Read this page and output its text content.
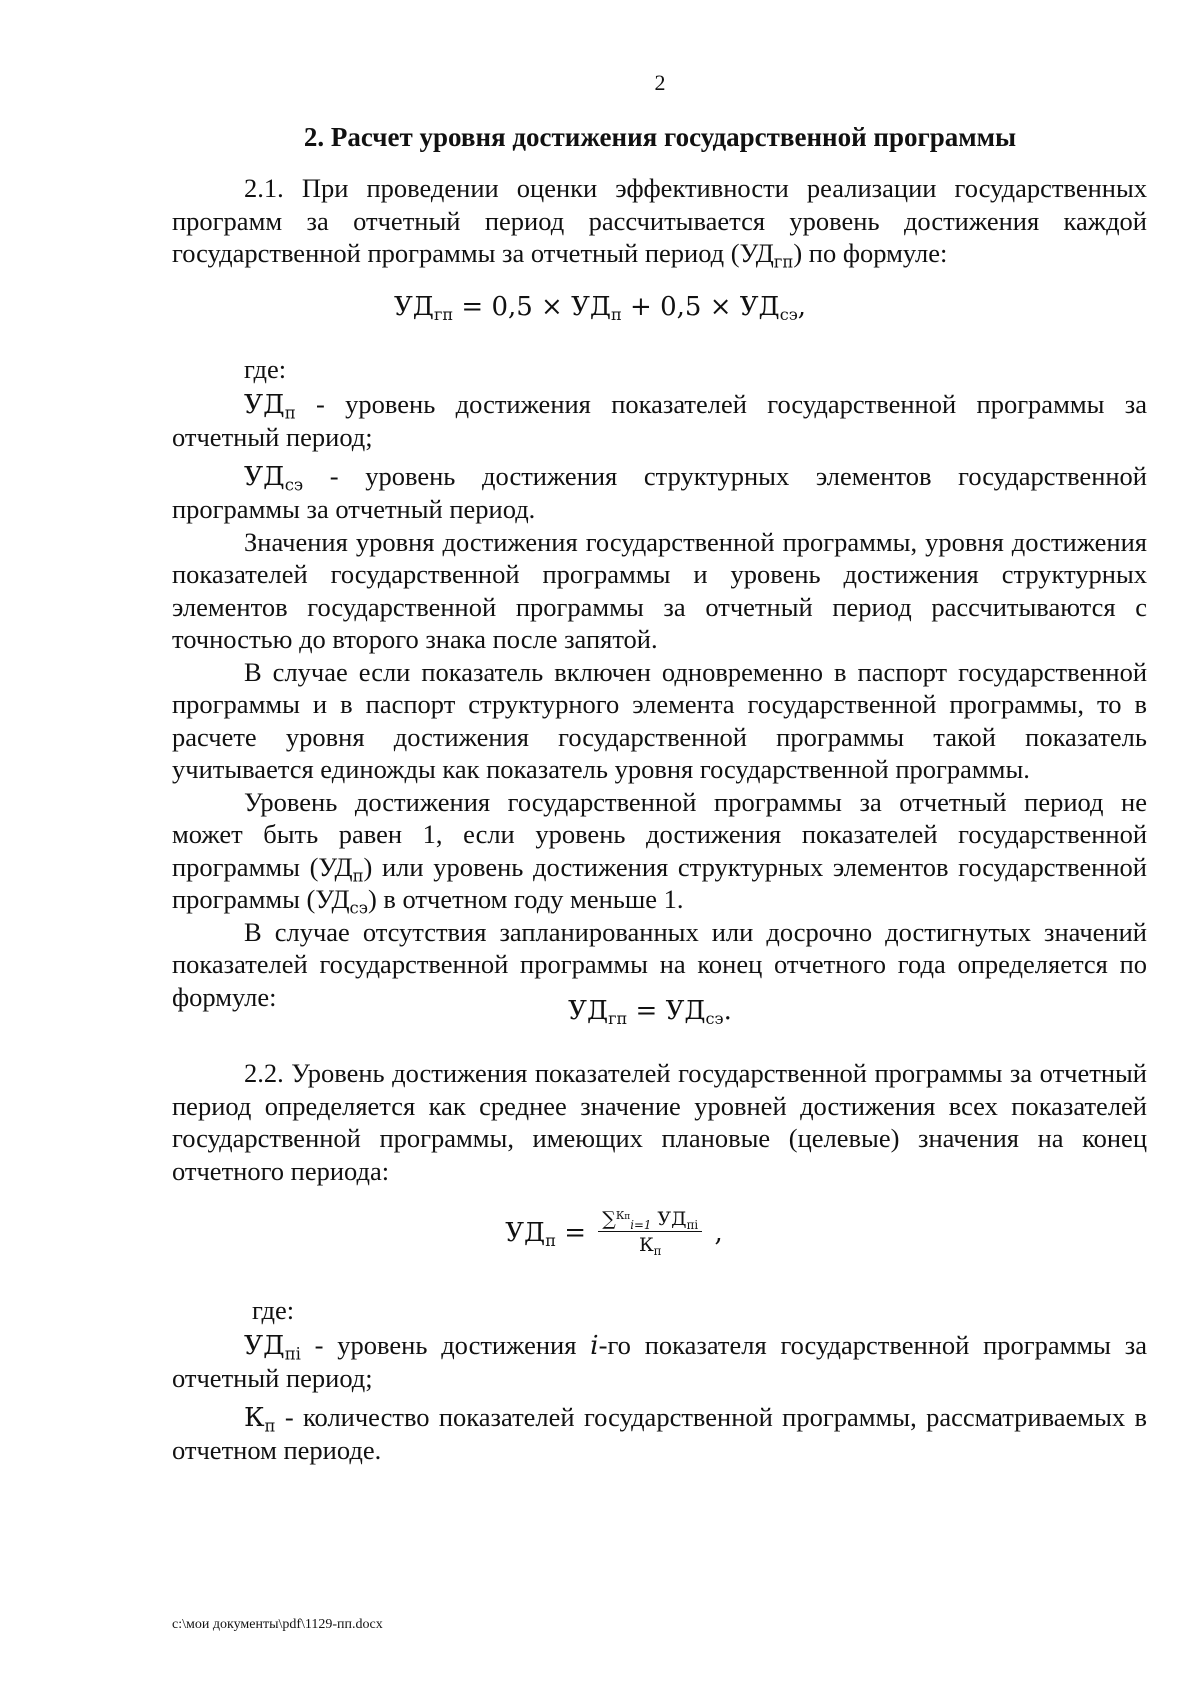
2
2. Расчет уровня достижения государственной программы

2.1. При проведении оценки эффективности реализации государственных программ за отчетный период рассчитывается уровень достижения каждой государственной программы за отчетный период $(УД_{гп})$ по формуле:

$УД_{гп} = 0,5 \times УД_п + 0,5 \times УД_{сэ}$,

где:

$УД_п$ - уровень достижения показателей государственной программы за отчетный период;

$УД_{сэ}$ - уровень достижения структурных элементов государственной программы за отчетный период.

Значения уровня достижения государственной программы, уровня достижения показателей государственной программы и уровень достижения структурных элементов государственной программы за отчетный период рассчитываются с точностью до второго знака после запятой.

В случае если показатель включен одновременно в паспорт государственной программы и в паспорт структурного элемента государственной программы, то в расчете уровня достижения государственной программы такой показатель учитывается единожды как показатель уровня государственной программы.

Уровень достижения государственной программы за отчетный период не может быть равен 1, если уровень достижения показателей государственной программы $(УД_п)$ или уровень достижения структурных элементов государственной программы $(УД_{сэ})$ в отчетном году меньше 1.

В случае отсутствия запланированных или досрочно достигнутых значений показателей государственной программы на конец отчетного года определяется по формуле:	$УД_{гп} = УД_{сэ}$.

2.2. Уровень достижения показателей государственной программы за отчетный период определяется как среднее значение уровней достижения всех показателей государственной программы, имеющих плановые (целевые) значения на конец отчетного периода:

$УД_п = \frac{\sum^{Кп}_{i=1} УД_{пi}}{К_п}$ ,

где:

$УД_{пi}$ - уровень достижения i-го показателя государственной программы за отчетный период;

$К_п$ - количество показателей государственной программы, рассматриваемых в отчетном периоде.

c:\мои документы\pdf\1129-пп.docx
